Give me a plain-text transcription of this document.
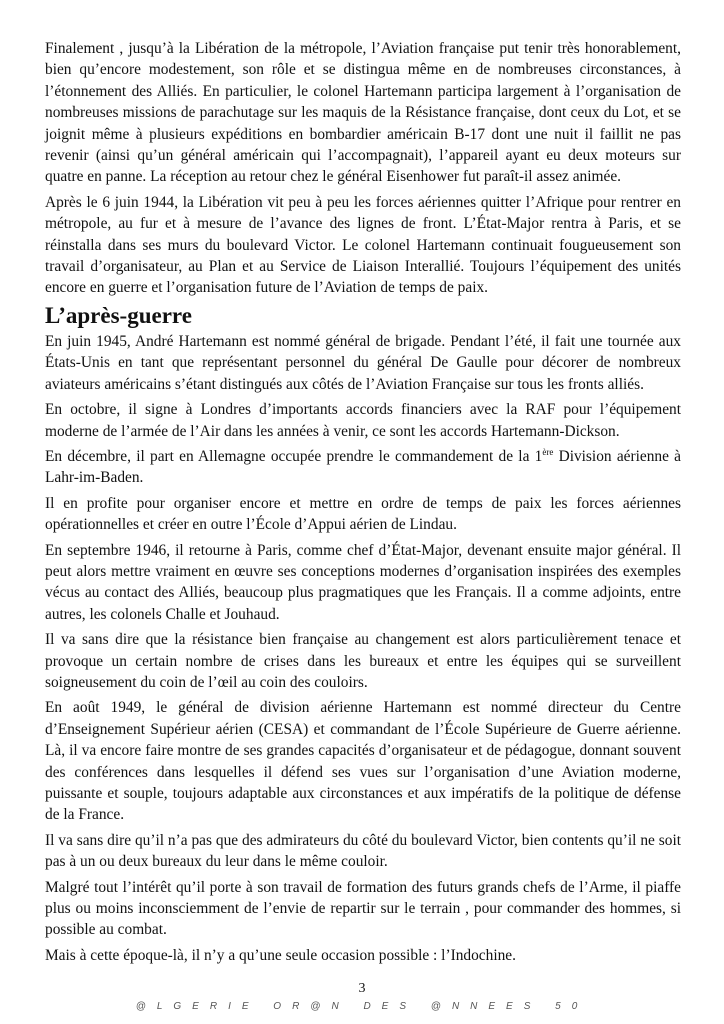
Finalement , jusqu’à la Libération de la métropole, l’Aviation française put tenir très honorablement, bien qu’encore modestement, son rôle et se distingua même en de nombreuses circonstances, à l’étonnement des Alliés. En particulier, le colonel Hartemann participa largement à l’organisation de nombreuses missions de parachutage sur les maquis de la Résistance française, dont ceux du Lot, et se joignit même à plusieurs expéditions en bombardier américain B-17 dont une nuit il faillit ne pas revenir (ainsi qu’un général américain qui l’accompagnait), l’appareil ayant eu deux moteurs sur quatre en panne. La réception au retour chez le général Eisenhower fut paraît-il assez animée.

Après le 6 juin 1944, la Libération vit peu à peu les forces aériennes quitter l’Afrique pour rentrer en métropole, au fur et à mesure de l’avance des lignes de front. L’État-Major rentra à Paris, et se réinstalla dans ses murs du boulevard Victor. Le colonel Hartemann continuait fougueusement son travail d’organisateur, au Plan et au Service de Liaison Interallié. Toujours l’équipement des unités encore en guerre et l’organisation future de l’Aviation de temps de paix.

L’après-guerre

En juin 1945, André Hartemann est nommé général de brigade. Pendant l’été, il fait une tournée aux États-Unis en tant que représentant personnel du général De Gaulle pour décorer de nombreux aviateurs américains s’étant distingués aux côtés de l’Aviation Française sur tous les fronts alliés.

En octobre, il signe à Londres d’importants accords financiers avec la RAF pour l’équipement moderne de l’armée de l’Air dans les années à venir, ce sont les accords Hartemann-Dickson.

En décembre, il part en Allemagne occupée prendre le commandement de la 1ère Division aérienne à Lahr-im-Baden.

Il en profite pour organiser encore et mettre en ordre de temps de paix les forces aériennes opérationnelles et créer en outre l’École d’Appui aérien de Lindau.

En septembre 1946, il retourne à Paris, comme chef d’État-Major, devenant ensuite major général. Il peut alors mettre vraiment en œuvre ses conceptions modernes d’organisation inspirées des exemples vécus au contact des Alliés, beaucoup plus pragmatiques que les Français. Il a comme adjoints, entre autres, les colonels Challe et Jouhaud.

Il va sans dire que la résistance bien française au changement est alors particulièrement tenace et provoque un certain nombre de crises dans les bureaux et entre les équipes qui se surveillent soigneusement du coin de l’œil au coin des couloirs.

En août 1949, le général de division aérienne Hartemann est nommé directeur du Centre d’Enseignement Supérieur aérien (CESA) et commandant de l’École Supérieure de Guerre aérienne. Là, il va encore faire montre de ses grandes capacités d’organisateur et de pédagogue, donnant souvent des conférences dans lesquelles il défend ses vues sur l’organisation d’une Aviation moderne, puissante et souple, toujours adaptable aux circonstances et aux impératifs de la politique de défense de la France.

Il va sans dire qu’il n’a pas que des admirateurs du côté du boulevard Victor, bien contents qu’il ne soit pas à un ou deux bureaux du leur dans le même couloir.

Malgré tout l’intérêt qu’il porte à son travail de formation des futurs grands chefs de l’Arme, il piaffe plus ou moins inconsciemment de l’envie de repartir sur le terrain , pour commander des hommes, si possible au combat.

Mais à cette époque-là, il n’y a qu’une seule occasion possible : l’Indochine.

3
@LGERIE OR@N DES @NNEES 50
